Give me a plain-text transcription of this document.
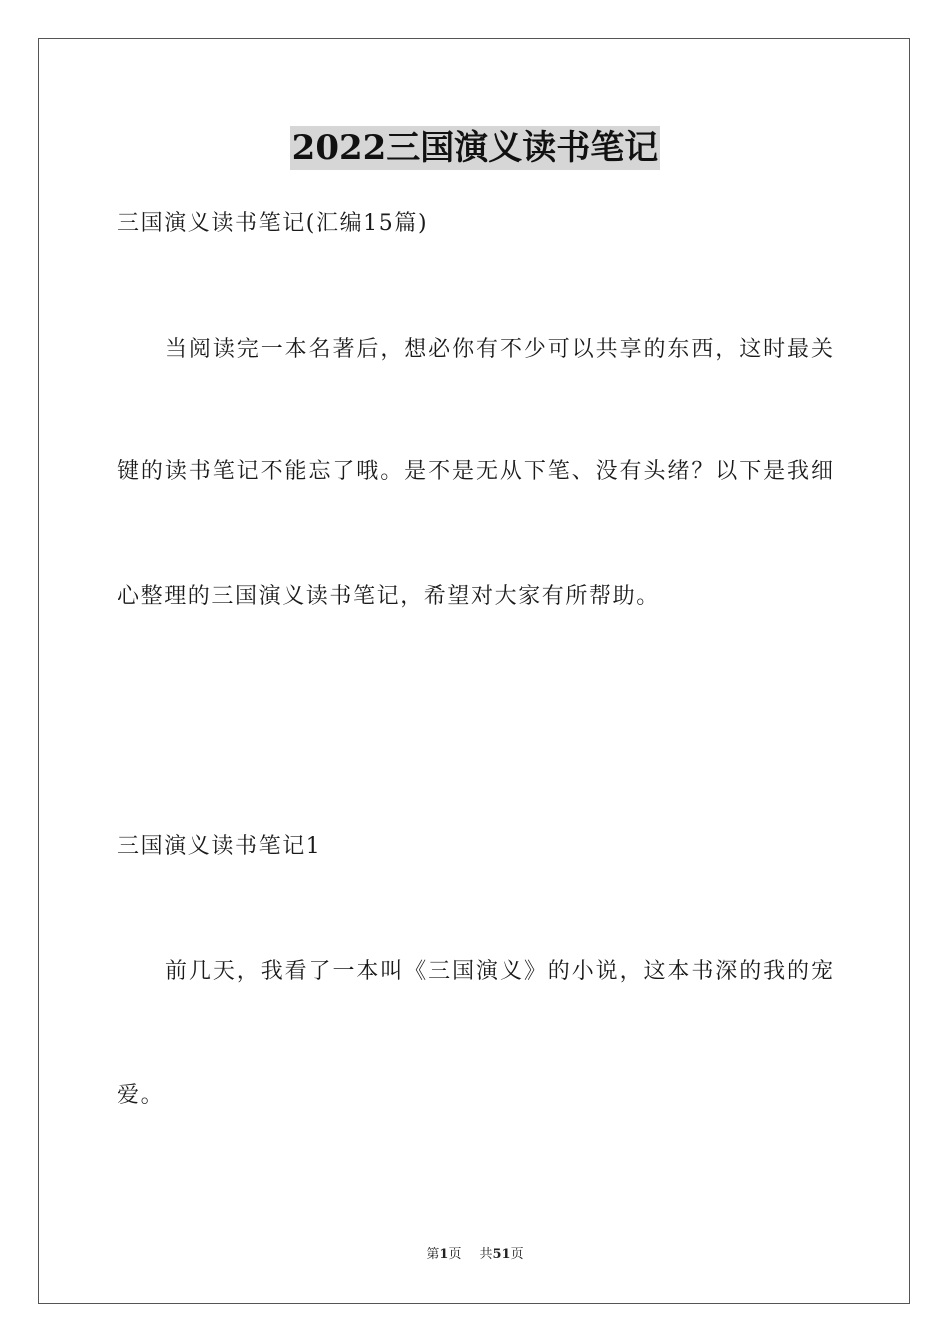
2022三国演义读书笔记
三国演义读书笔记(汇编15篇)
当阅读完一本名著后，想必你有不少可以共享的东西，这时最关
键的读书笔记不能忘了哦。是不是无从下笔、没有头绪？以下是我细
心整理的三国演义读书笔记，希望对大家有所帮助。
三国演义读书笔记1
前几天，我看了一本叫《三国演义》的小说，这本书深的我的宠
爱。
第1页 共51页
